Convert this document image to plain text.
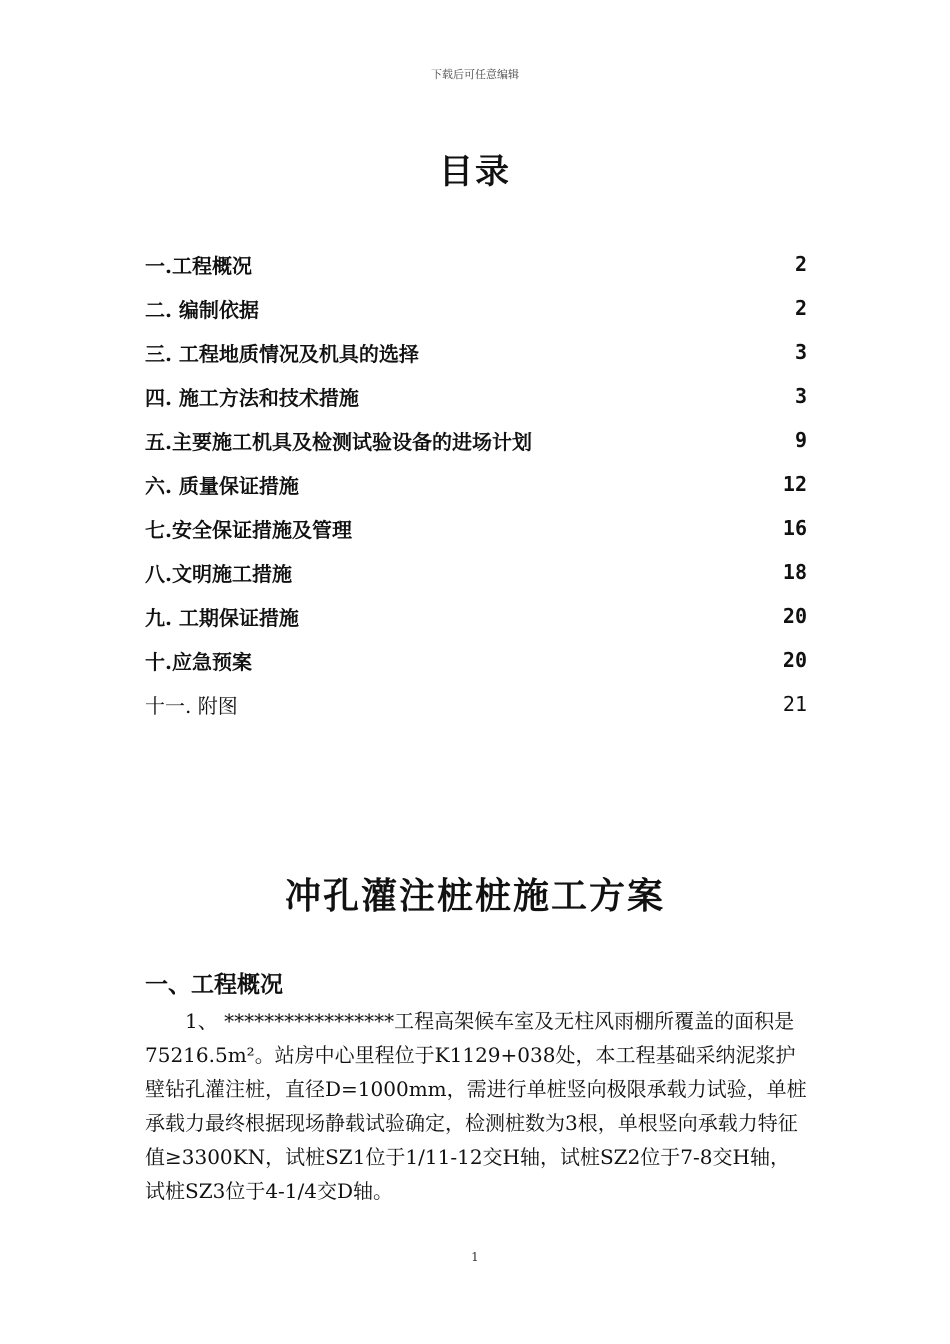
下载后可任意编辑
目录
一.工程概况	2
二. 编制依据	2
三. 工程地质情况及机具的选择	3
四. 施工方法和技术措施	3
五.主要施工机具及检测试验设备的进场计划	9
六. 质量保证措施	12
七.安全保证措施及管理	16
八.文明施工措施	18
九. 工期保证措施	20
十.应急预案	20
十一. 附图	21
冲孔灌注桩桩施工方案
一、工程概况

1、 *****************工程高架候车室及无柱风雨棚所覆盖的面积是75216.5m²。站房中心里程位于K1129+038处，本工程基础采纳泥浆护壁钻孔灌注桩，直径D=1000mm，需进行单桩竖向极限承载力试验，单桩承载力最终根据现场静载试验确定，检测桩数为3根，单根竖向承载力特征值≥3300KN，试桩SZ1位于1/11-12交H轴，试桩SZ2位于7-8交H轴，试桩SZ3位于4-1/4交D轴。

1
